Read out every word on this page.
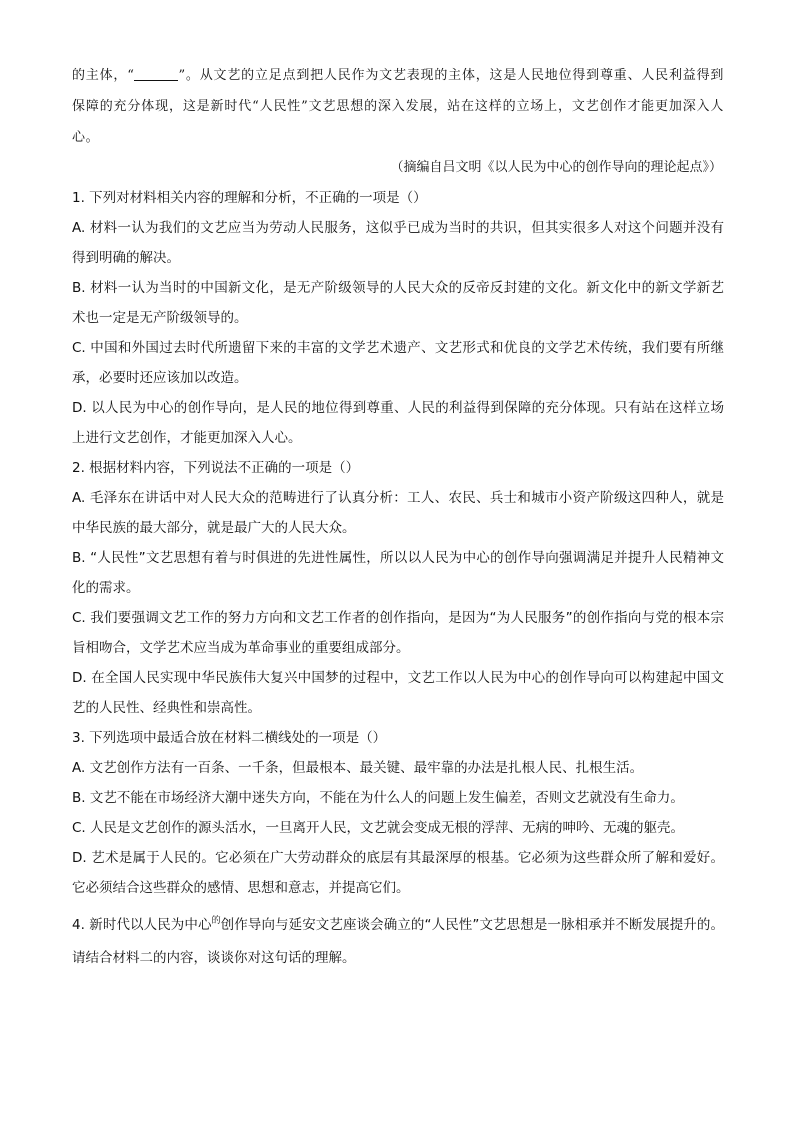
的主体，“	”。从文艺的立足点到把人民作为文艺表现的主体，这是人民地位得到尊重、人民利益得到保障的充分体现，这是新时代“人民性”文艺思想的深入发展，站在这样的立场上，文艺创作才能更加深入人心。

（摘编自吕文明《以人民为中心的创作导向的理论起点》）

1. 下列对材料相关内容的理解和分析，不正确的一项是（）

A. 材料一认为我们的文艺应当为劳动人民服务，这似乎已成为当时的共识，但其实很多人对这个问题并没有得到明确的解决。

B. 材料一认为当时的中国新文化，是无产阶级领导的人民大众的反帝反封建的文化。新文化中的新文学新艺术也一定是无产阶级领导的。

C. 中国和外国过去时代所遗留下来的丰富的文学艺术遗产、文艺形式和优良的文学艺术传统，我们要有所继承，必要时还应该加以改造。

D. 以人民为中心的创作导向，是人民的地位得到尊重、人民的利益得到保障的充分体现。只有站在这样立场上进行文艺创作，才能更加深入人心。

2. 根据材料内容，下列说法不正确的一项是（）

A. 毛泽东在讲话中对人民大众的范畴进行了认真分析：工人、农民、兵士和城市小资产阶级这四种人，就是中华民族的最大部分，就是最广大的人民大众。

B. “人民性”文艺思想有着与时俱进的先进性属性，所以以人民为中心的创作导向强调满足并提升人民精神文化的需求。

C. 我们要强调文艺工作的努力方向和文艺工作者的创作指向，是因为“为人民服务”的创作指向与党的根本宗旨相吻合，文学艺术应当成为革命事业的重要组成部分。

D. 在全国人民实现中华民族伟大复兴中国梦的过程中，文艺工作以人民为中心的创作导向可以构建起中国文艺的人民性、经典性和崇高性。

3. 下列选项中最适合放在材料二横线处的一项是（）

A. 文艺创作方法有一百条、一千条，但最根本、最关键、最牢靠的办法是扎根人民、扎根生活。

B. 文艺不能在市场经济大潮中迷失方向，不能在为什么人的问题上发生偏差，否则文艺就没有生命力。

C. 人民是文艺创作的源头活水，一旦离开人民，文艺就会变成无根的浮萍、无病的呻吟、无魂的躯壳。

D. 艺术是属于人民的。它必须在广大劳动群众的底层有其最深厚的根基。它必须为这些群众所了解和爱好。它必须结合这些群众的感情、思想和意志，并提高它们。

4. 新时代以人民为中心$^的$创作导向与延安文艺座谈会确立的“人民性”文艺思想是一脉相承并不断发展提升的。请结合材料二的内容，谈谈你对这句话的理解。
